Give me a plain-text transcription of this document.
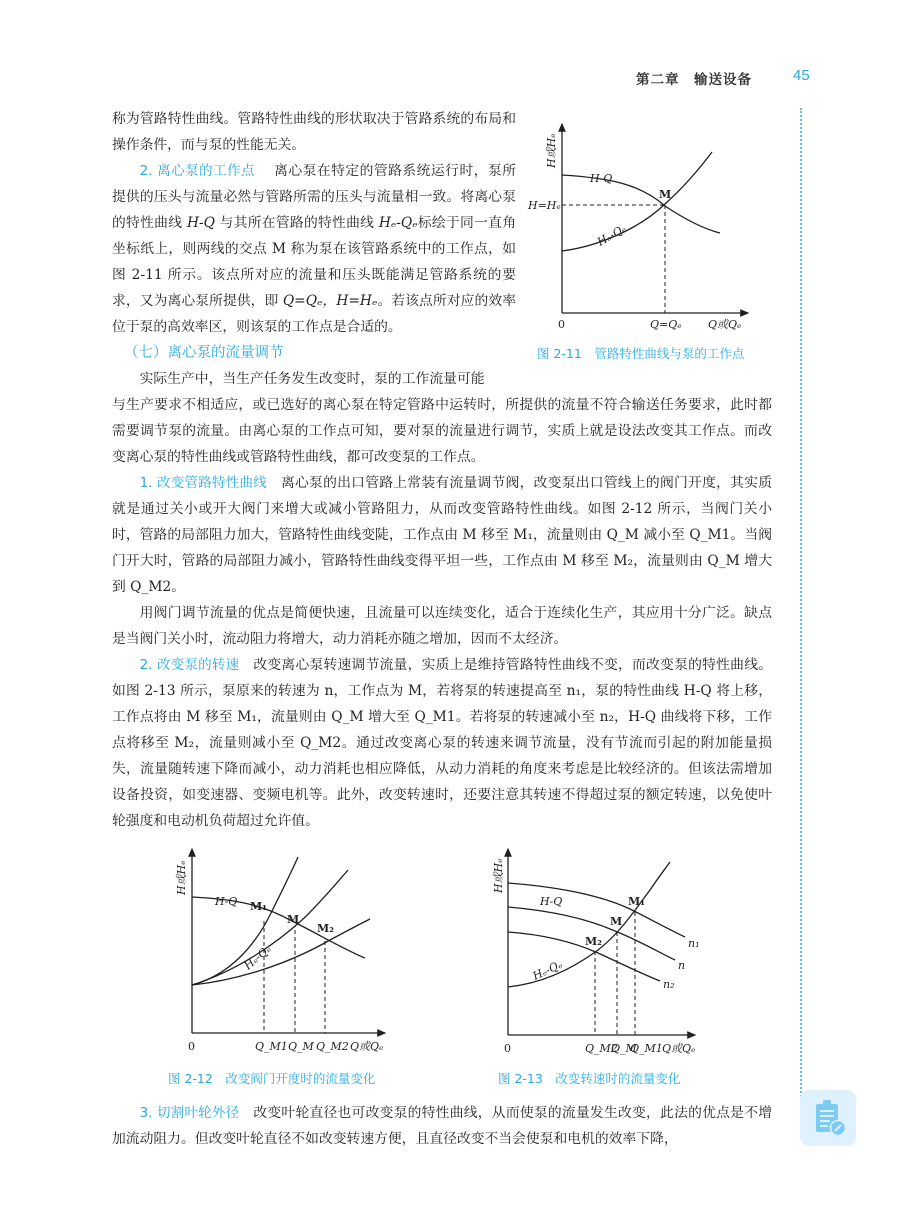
第二章　输送设备	45

称为管路特性曲线。管路特性曲线的形状取决于管路系统的布局和操作条件，而与泵的性能无关。

2. 离心泵的工作点 离心泵在特定的管路系统运行时，泵所提供的压头与流量必然与管路所需的压头与流量相一致。将离心泵的特性曲线 H-Q 与其所在管路的特性曲线 Hₑ-Qₑ标绘于同一直角坐标纸上，则两线的交点 M 称为泵在该管路系统中的工作点，如图 2-11 所示。该点所对应的流量和压头既能满足管路系统的要求，又为离心泵所提供，即 Q=Qₑ，H=Hₑ。若该点所对应的效率位于泵的高效率区，则该泵的工作点是合适的。

（七）离心泵的流量调节

实际生产中，当生产任务发生改变时，泵的工作流量可能

与生产要求不相适应，或已选好的离心泵在特定管路中运转时，所提供的流量不符合输送任务要求，此时都需要调节泵的流量。由离心泵的工作点可知，要对泵的流量进行调节，实质上就是设法改变其工作点。而改变离心泵的特性曲线或管路特性曲线，都可改变泵的工作点。

1. 改变管路特性曲线 离心泵的出口管路上常装有流量调节阀，改变泵出口管线上的阀门开度，其实质就是通过关小或开大阀门来增大或减小管路阻力，从而改变管路特性曲线。如图 2-12 所示，当阀门关小时，管路的局部阻力加大，管路特性曲线变陡，工作点由 M 移至 M₁，流量则由 Q_M 减小至 Q_M1。当阀门开大时，管路的局部阻力减小，管路特性曲线变得平坦一些，工作点由 M 移至 M₂，流量则由 Q_M 增大到 Q_M2。

用阀门调节流量的优点是简便快速，且流量可以连续变化，适合于连续化生产，其应用十分广泛。缺点是当阀门关小时，流动阻力将增大，动力消耗亦随之增加，因而不太经济。

2. 改变泵的转速 改变离心泵转速调节流量，实质上是维持管路特性曲线不变，而改变泵的特性曲线。如图 2-13 所示，泵原来的转速为 n，工作点为 M，若将泵的转速提高至 n₁，泵的特性曲线 H-Q 将上移，工作点将由 M 移至 M₁，流量则由 Q_M 增大至 Q_M1。若将泵的转速减小至 n₂，H-Q 曲线将下移，工作点将移至 M₂，流量则减小至 Q_M2。通过改变离心泵的转速来调节流量，没有节流而引起的附加能量损失，流量随转速下降而减小，动力消耗也相应降低，从动力消耗的角度来考虑是比较经济的。但该法需增加设备投资，如变速器、变频电机等。此外，改变转速时，还要注意其转速不得超过泵的额定转速，以免使叶轮强度和电动机负荷超过允许值。

3. 切割叶轮外径 改变叶轮直径也可改变泵的特性曲线，从而使泵的流量发生改变，此法的优点是不增加流动阻力。但改变叶轮直径不如改变转速方便，且直径改变不当会使泵和电机的效率下降，

H或Hₑ
H=Hₑ
H-Q
M
Hₑ-Qₑ
0	Q=Qₑ Q或Qₑ
图 2-11　管路特性曲线与泵的工作点
H或Hₑ
H-Q M₁
M
M₂
Hₑ-Qₑ
0	Q_M1 Q_M Q_M2 Q或Qₑ
图 2-12　改变阀门开度时的流量变化
H或Hₑ
H-Q	M₁
M
M₂	n₁
n
n₂
Hₑ-Qₑ
0	Q_M2
Q_M
Q_M1 Q或Qₑ
图 2-13　改变转速时的流量变化
